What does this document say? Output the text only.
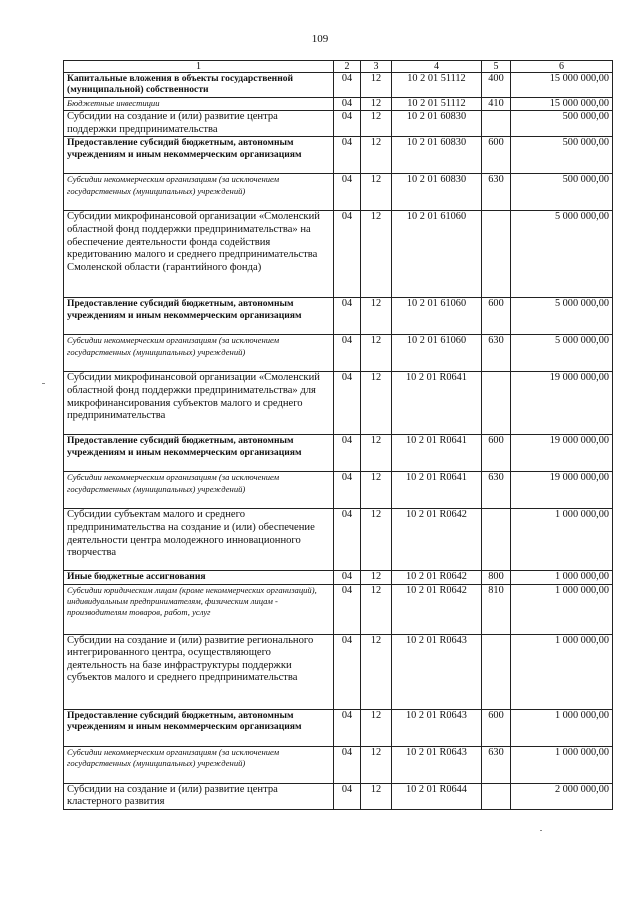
109
1	2	3	4	5	6
Капитальные вложения в объекты государственной (муниципальной) собственности	04	12	10 2 01 51112	400	15 000 000,00
Бюджетные инвестиции	04	12	10 2 01 51112	410	15 000 000,00
Субсидии на создание и (или) развитие центра поддержки предпринимательства	04	12	10 2 01 60830		500 000,00
Предоставление субсидий бюджетным, автономным учреждениям и иным некоммерческим организациям	04	12	10 2 01 60830	600	500 000,00
Субсидии некоммерческим организациям (за исключением государственных (муниципальных) учреждений)	04	12	10 2 01 60830	630	500 000,00
Субсидии микрофинансовой организации «Смоленский областной фонд поддержки предпринимательства» на обеспечение деятельности фонда содействия кредитованию малого и среднего предпринимательства Смоленской области (гарантийного фонда)	04	12	10 2 01 61060		5 000 000,00
Предоставление субсидий бюджетным, автономным учреждениям и иным некоммерческим организациям	04	12	10 2 01 61060	600	5 000 000,00
Субсидии некоммерческим организациям (за исключением государственных (муниципальных) учреждений)	04	12	10 2 01 61060	630	5 000 000,00
Субсидии микрофинансовой организации «Смоленский областной фонд поддержки предпринимательства» для микрофинансирования субъектов малого и среднего предпринимательства	04	12	10 2 01 R0641		19 000 000,00
Предоставление субсидий бюджетным, автономным учреждениям и иным некоммерческим организациям	04	12	10 2 01 R0641	600	19 000 000,00
Субсидии некоммерческим организациям (за исключением государственных (муниципальных) учреждений)	04	12	10 2 01 R0641	630	19 000 000,00
Субсидии субъектам малого и среднего предпринимательства на создание и (или) обеспечение деятельности центра молодежного инновационного творчества	04	12	10 2 01 R0642		1 000 000,00
Иные бюджетные ассигнования	04	12	10 2 01 R0642	800	1 000 000,00
Субсидии юридическим лицам (кроме некоммерческих организаций), индивидуальным предпринимателям, физическим лицам - производителям товаров, работ, услуг	04	12	10 2 01 R0642	810	1 000 000,00
Субсидии на создание и (или) развитие регионального интегрированного центра, осуществляющего деятельность на базе инфраструктуры поддержки субъектов малого и среднего предпринимательства	04	12	10 2 01 R0643		1 000 000,00
Предоставление субсидий бюджетным, автономным учреждениям и иным некоммерческим организациям	04	12	10 2 01 R0643	600	1 000 000,00
Субсидии некоммерческим организациям (за исключением государственных (муниципальных) учреждений)	04	12	10 2 01 R0643	630	1 000 000,00
Субсидии на создание и (или) развитие центра кластерного развития	04	12	10 2 01 R0644		2 000 000,00
